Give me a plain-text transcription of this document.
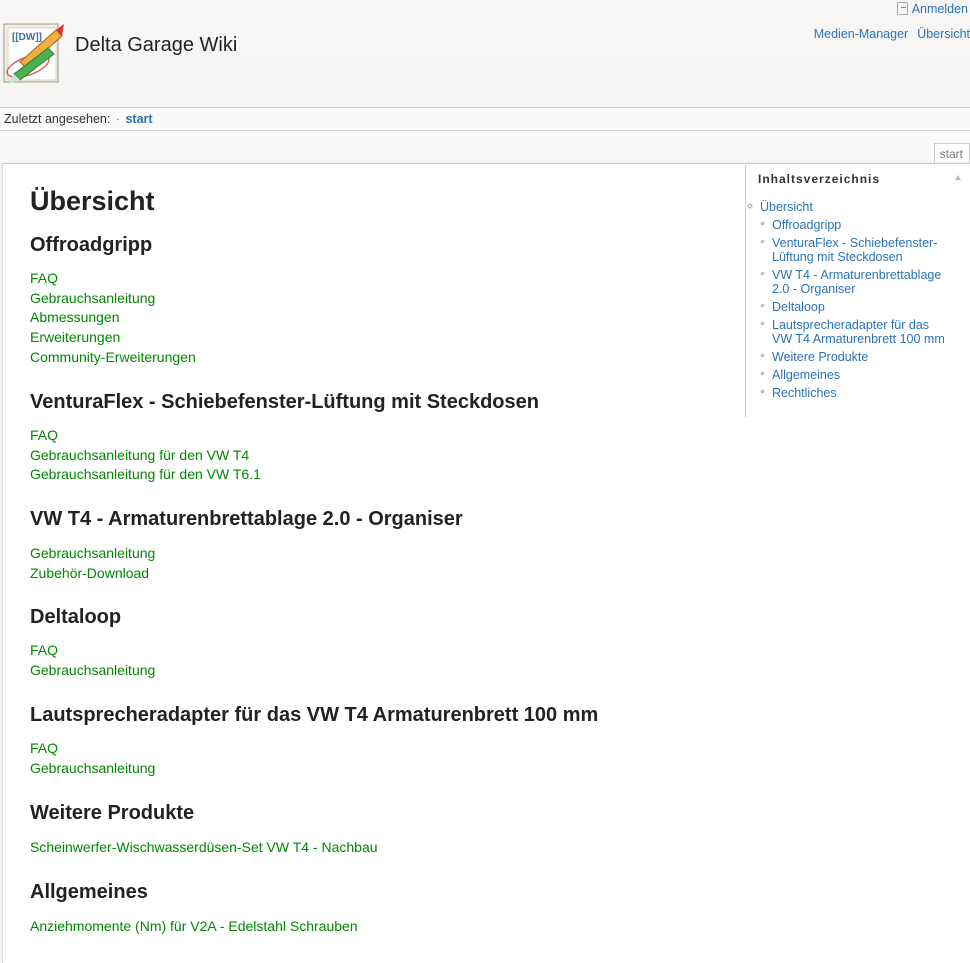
[[DW]] Delta Garage Wiki
Anmelden
Medien-Manager Übersicht
Zuletzt angesehen: · start
start
Übersicht
Offroadgripp
FAQ
Gebrauchsanleitung
Abmessungen
Erweiterungen
Community-Erweiterungen
VenturaFlex - Schiebefenster-Lüftung mit Steckdosen
FAQ
Gebrauchsanleitung für den VW T4
Gebrauchsanleitung für den VW T6.1
VW T4 - Armaturenbrettablage 2.0 - Organiser
Gebrauchsanleitung
Zubehör-Download
Deltaloop
FAQ
Gebrauchsanleitung
Lautsprecheradapter für das VW T4 Armaturenbrett 100 mm
FAQ
Gebrauchsanleitung
Weitere Produkte
Scheinwerfer-Wischwasserdüsen-Set VW T4 - Nachbau
Allgemeines
Anziehmomente (Nm) für V2A - Edelstahl Schrauben
Inhaltsverzeichnis
Übersicht
Offroadgripp
VenturaFlex - Schiebefenster-Lüftung mit Steckdosen
VW T4 - Armaturenbrettablage 2.0 - Organiser
Deltaloop
Lautsprecheradapter für das VW T4 Armaturenbrett 100 mm
Weitere Produkte
Allgemeines
Rechtliches
